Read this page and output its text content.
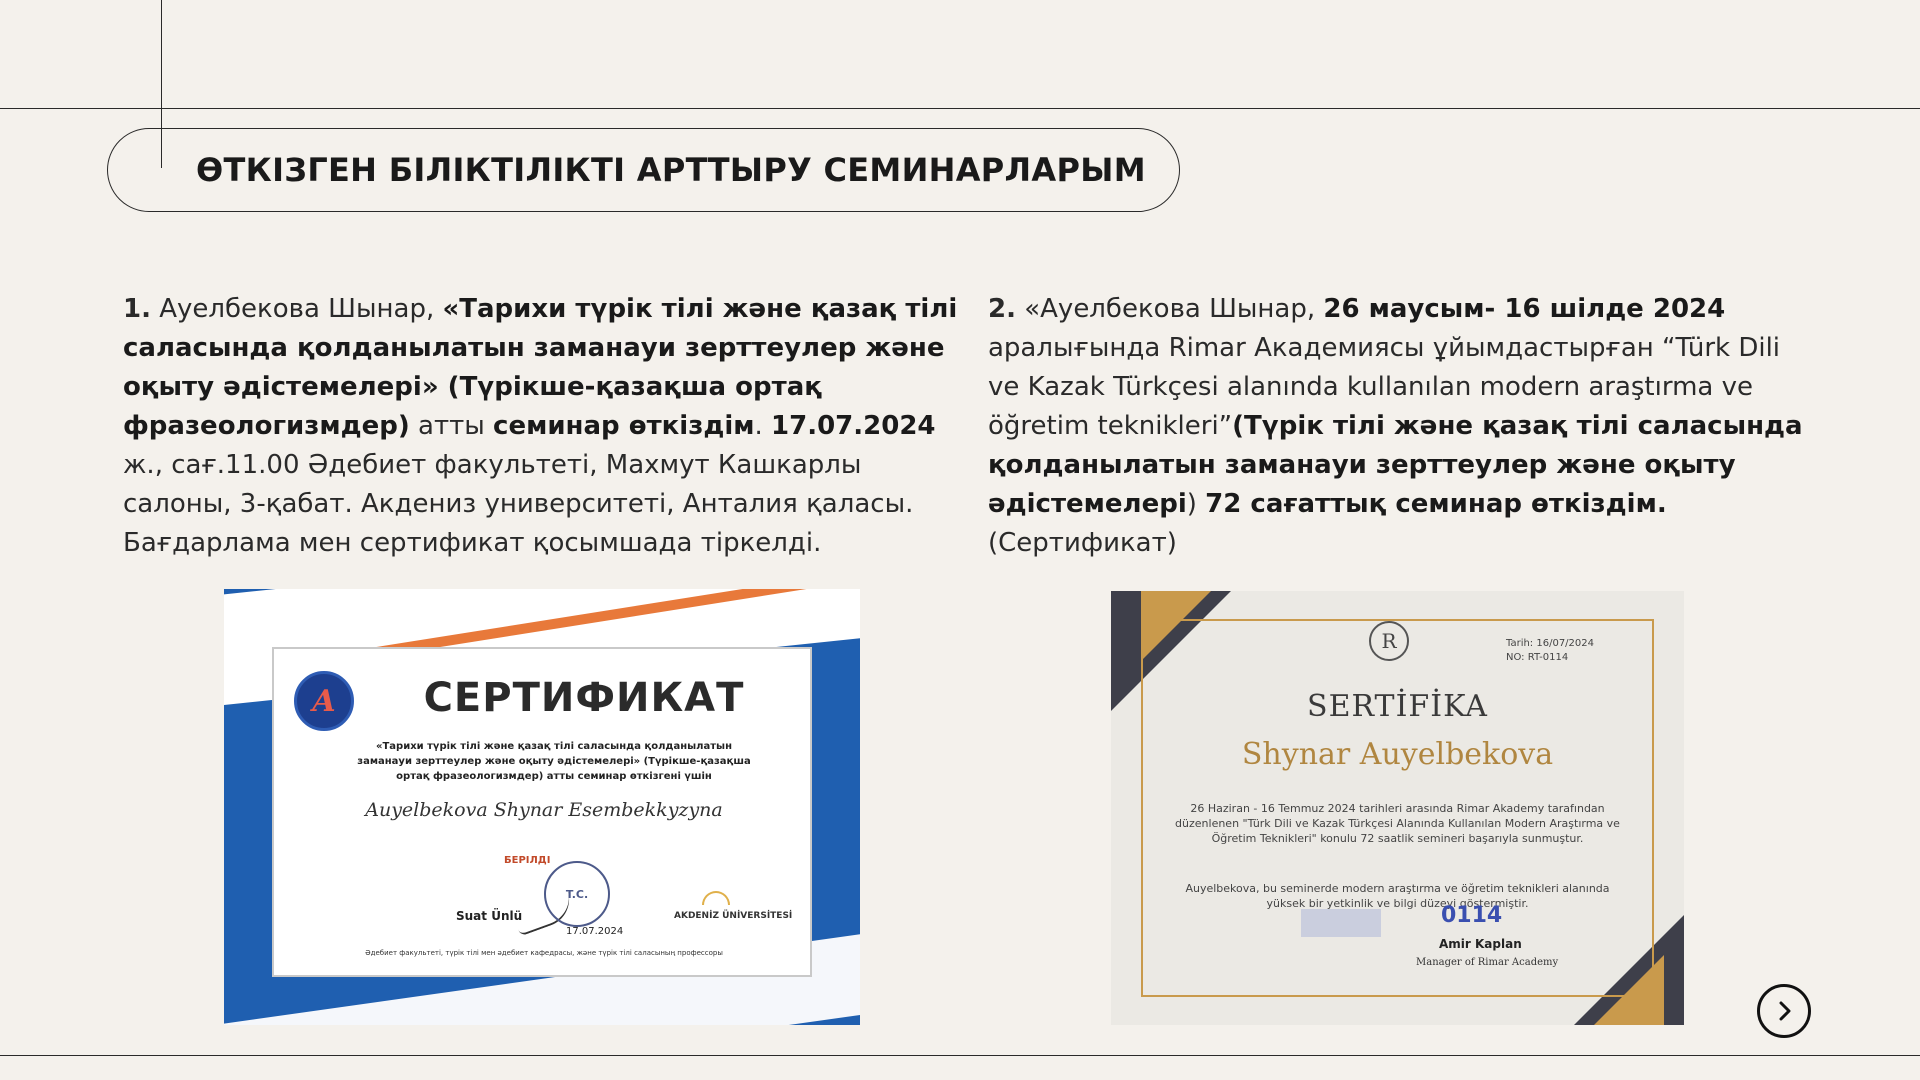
ӨТКІЗГЕН БІЛІКТІЛІКТІ АРТТЫРУ СЕМИНАРЛАРЫМ
1. Ауелбекова Шынар, «Тарихи түрік тілі және қазақ тілі саласында қолданылатын заманауи зерттеулер және оқыту әдістемелері» (Түрікше-қазақша ортақ фразеологизмдер) атты семинар өткіздім. 17.07.2024 ж., сағ.11.00 Әдебиет факультеті, Махмут Кашкарлы салоны, 3-қабат. Акдениз университеті, Анталия қаласы. Бағдарлама мен сертификат қосымшада тіркелді.
2. «Ауелбекова Шынар, 26 маусым- 16 шілде 2024 аралығында Rimar Академиясы ұйымдастырған “Türk Dili ve Kazak Türkçesi alanında kullanılan modern araştırma ve öğretim teknikleri”(Түрік тілі және қазақ тілі саласында қолданылатын заманауи зерттеулер және оқыту әдістемелері) 72 сағаттық семинар өткіздім. (Сертификат)
A	СЕРТИФИКАТ
«Тарихи түрік тілі және қазақ тілі саласында қолданылатын заманауи зерттеулер және оқыту әдістемелері» (Түрікше-қазақша ортақ фразеологизмдер) атты семинар өткізгені үшін
Auyelbekova Shynar Esembekkyzyna
БЕРІЛДІ
T.C.
Suat Ünlü
17.07.2024
AKDENİZ ÜNİVERSİTESİ
Әдебиет факультеті, түрік тілі мен әдебиет кафедрасы, және түрік тілі саласының профессоры
R	Tarih: 16/07/2024
NO: RT-0114
SERTİFİKA
Shynar Auyelbekova
26 Haziran - 16 Temmuz 2024 tarihleri arasında Rimar Akademy tarafından düzenlenen "Türk Dili ve Kazak Türkçesi Alanında Kullanılan Modern Araştırma ve Öğretim Teknikleri" konulu 72 saatlik semineri başarıyla sunmuştur.
Auyelbekova, bu seminerde modern araştırma ve öğretim teknikleri alanında yüksek bir yetkinlik ve bilgi düzeyi göstermiştir.
0114
Amir Kaplan
Manager of Rimar Academy
